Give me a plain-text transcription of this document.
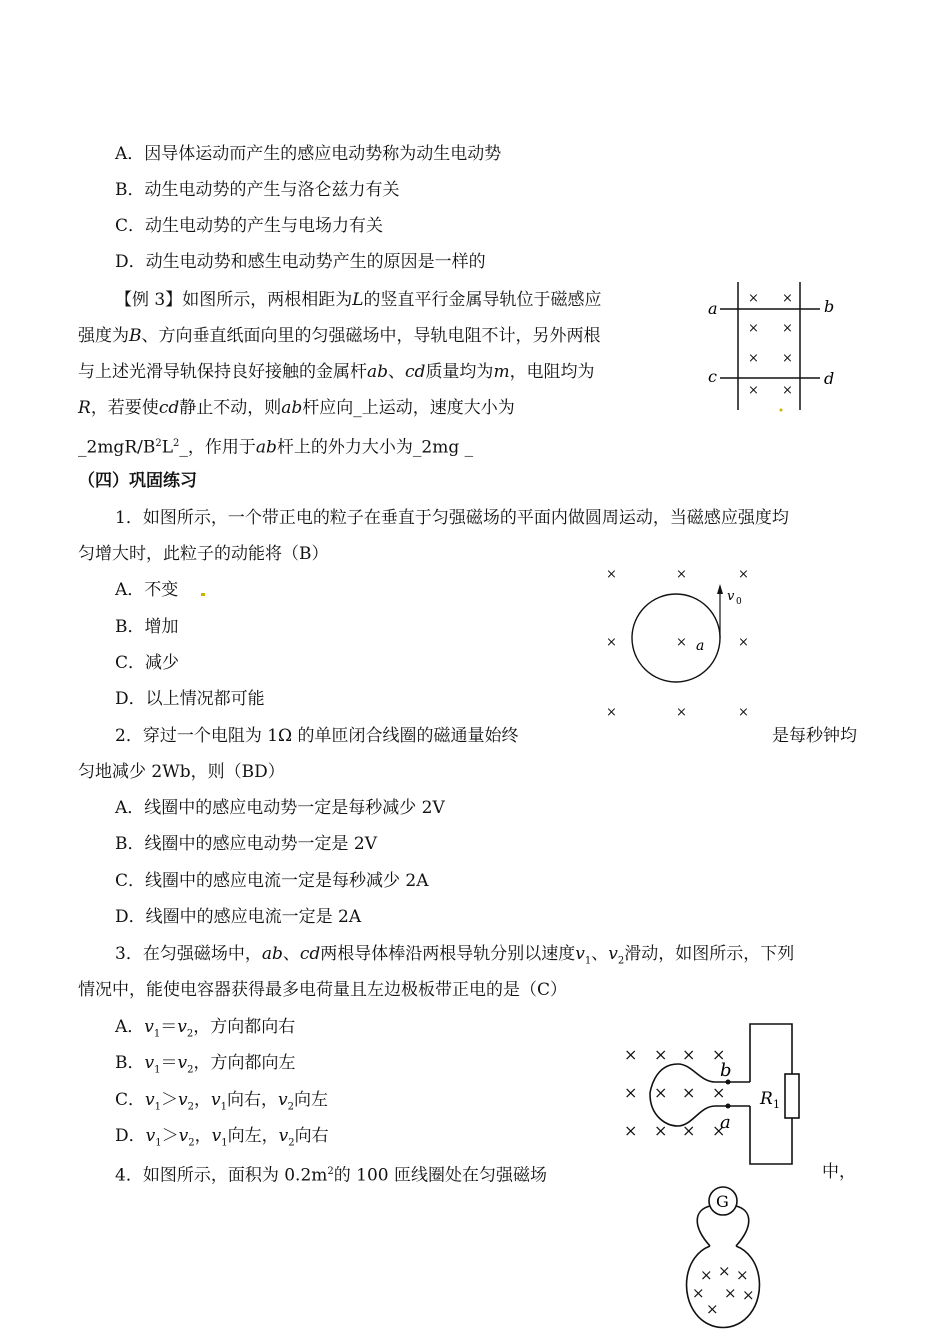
A．因导体运动而产生的感应电动势称为动生电动势
B．动生电动势的产生与洛仑兹力有关
C．动生电动势的产生与电场力有关
D．动生电动势和感生电动势产生的原因是一样的
【例 3】如图所示，两根相距为L的竖直平行金属导轨位于磁感应
强度为B、方向垂直纸面向里的匀强磁场中，导轨电阻不计，另外两根
与上述光滑导轨保持良好接触的金属杆ab、cd质量均为m，电阻均为
R，若要使cd静止不动，则ab杆应向_上运动，速度大小为
$\_2mgR/B^2L^2\_$，作用于ab杆上的外力大小为_2mg _
a	b
c	d
× ×
× ×
× ×
× ×
（四）巩固练习
1．如图所示，一个带正电的粒子在垂直于匀强磁场的平面内做圆周运动，当磁感应强度均
匀增大时，此粒子的动能将（B）
A．不变
B．增加
C．减少
D．以上情况都可能
×	×	×
×	×	×
×	×	×
v 0
a
2．穿过一个电阻为 1Ω 的单匝闭合线圈的磁通量始终	是每秒钟均
匀地减少 2Wb，则（BD）
A．线圈中的感应电动势一定是每秒减少 2V
B．线圈中的感应电动势一定是 2V
C．线圈中的感应电流一定是每秒减少 2A
D．线圈中的感应电流一定是 2A
3．在匀强磁场中，ab、cd两根导体棒沿两根导轨分别以速度$v_1$、$v_2$滑动，如图所示，下列
情况中，能使电容器获得最多电荷量且左边极板带正电的是（C）
A．$v_1=v_2$，方向都向右
B．$v_1=v_2$，方向都向左
C．$v_1>v_2$，$v_1$向右，$v_2$向左
D．$v_1>v_2$，$v_1$向左，$v_2$向右
× × × ×
× × × ×
× × × ×
b
a
R 1
4．如图所示，面积为 $0.2m^2$的 100 匝线圈处在匀强磁场	中，
G
× × ×
× × ×
×
